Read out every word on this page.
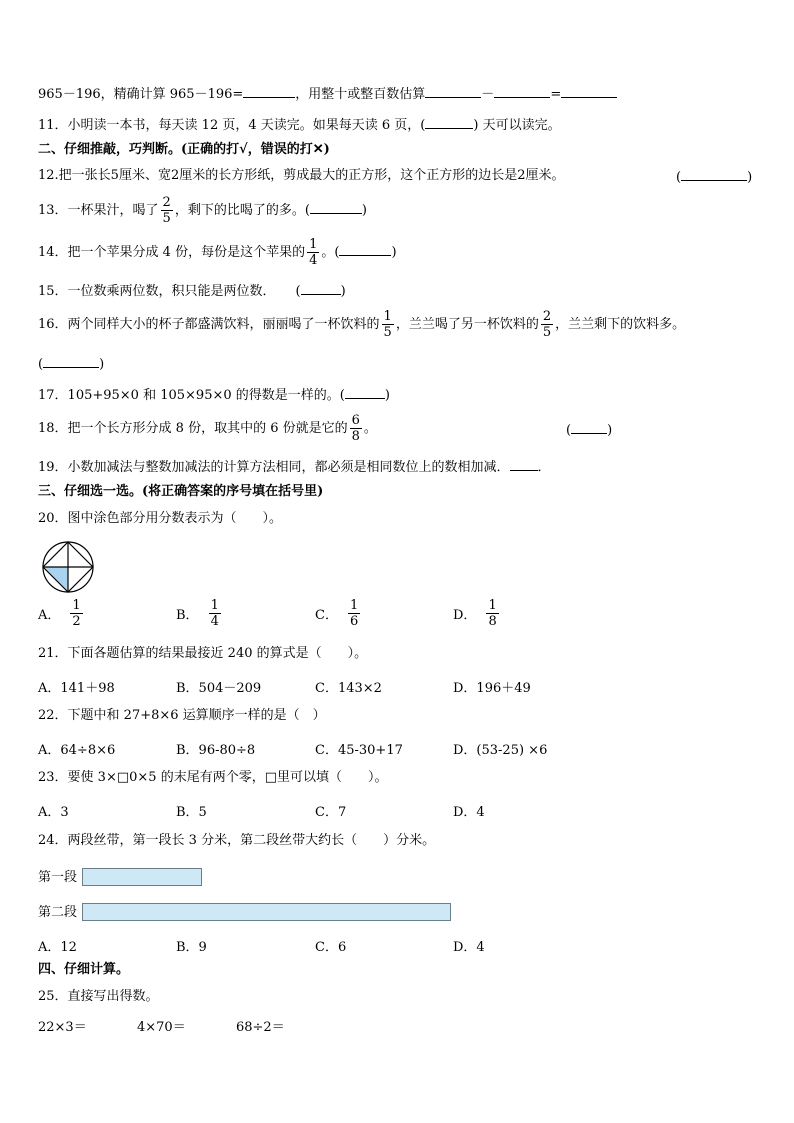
965－196，精确计算 965－196=	，用整十或整百数估算	－	=
11．小明读一本书，每天读 12 页，4 天读完。如果每天读 6 页，(	) 天可以读完。
二、仔细推敲，巧判断。(正确的打√，错误的打✕)
12.把一张长5厘米、宽2厘米的长方形纸，剪成最大的正方形，这个正方形的边长是2厘米。	(	)
13．一杯果汁，喝了 $\frac{2}{5}$ ，剩下的比喝了的多。(	)
14．把一个苹果分成 4 份，每份是这个苹果的 $\frac{1}{4}$ 。(	)
15．一位数乘两位数，积只能是两位数． (	)
16．两个同样大小的杯子都盛满饮料，丽丽喝了一杯饮料的 $\frac{1}{5}$ ，兰兰喝了另一杯饮料的 $\frac{2}{5}$ ，兰兰剩下的饮料多。
(	)
17．105+95×0 和 105×95×0 的得数是一样的。(	)
18．把一个长方形分成 8 份，取其中的 6 份就是它的 $\frac{6}{8}$ 。	(	)
19．小数加减法与整数加减法的计算方法相同，都必须是相同数位上的数相加减． ．
三、仔细选一选。(将正确答案的序号填在括号里)
20．图中涂色部分用分数表示为（　　）。
A． $\frac{1}{2}$	B． $\frac{1}{4}$	C． $\frac{1}{6}$	D． $\frac{1}{8}$
21．下面各题估算的结果最接近 240 的算式是（　　）。
A．141＋98	B．504－209	C．143×2	D．196＋49
22．下题中和 27+8×6 运算顺序一样的是（　）
A．64÷8×6	B．96-80÷8	C．45-30+17	D．(53-25) ×6
23．要使 3×□0×5 的末尾有两个零，□里可以填（　　）。
A．3	B．5	C．7	D．4
24．两段丝带，第一段长 3 分米，第二段丝带大约长（　　）分米。
第一段
第二段
A．12	B．9	C．6	D．4
四、仔细计算。
25．直接写出得数。
22×3＝	4×70＝	68÷2＝
